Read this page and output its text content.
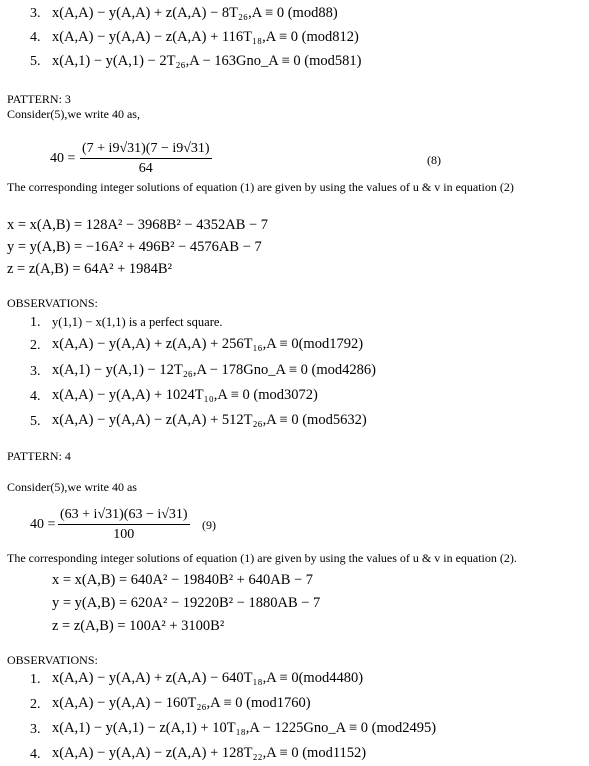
3. x(A,A) − y(A,A) + z(A,A) − 8T₂₆,A ≡ 0 (mod88)
4. x(A,A) − y(A,A) − z(A,A) + 116T₁₈,A ≡ 0 (mod812)
5. x(A,1) − y(A,1) − 2T₂₆,A − 163Gno_A ≡ 0 (mod581)
PATTERN: 3
Consider(5),we write 40 as,
$40 = \frac{(7 + i9√31)(7 - i9√31)}{64}$	(8)
The corresponding integer solutions of equation (1) are given by using the values of u & v in equation (2)
x = x(A,B) = 128A² − 3968B² − 4352AB − 7
y = y(A,B) = −16A² + 496B² − 4576AB − 7
z = z(A,B) = 64A² + 1984B²
OBSERVATIONS:
1. y(1,1) − x(1,1) is a perfect square.
2. x(A,A) − y(A,A) + z(A,A) + 256T₁₆,A ≡ 0(mod1792)
3. x(A,1) − y(A,1) − 12T₂₆,A − 178Gno_A ≡ 0 (mod4286)
4. x(A,A) − y(A,A) + 1024T₁₀,A ≡ 0 (mod3072)
5. x(A,A) − y(A,A) − z(A,A) + 512T₂₆,A ≡ 0 (mod5632)
PATTERN: 4
Consider(5),we write 40 as
$40 = \frac{(63 + i√31)(63 - i√31)}{100} (9)$
The corresponding integer solutions of equation (1) are given by using the values of u & v in equation (2).
x = x(A,B) = 640A² − 19840B² + 640AB − 7
y = y(A,B) = 620A² − 19220B² − 1880AB − 7
z = z(A,B) = 100A² + 3100B²
OBSERVATIONS:
1. x(A,A) − y(A,A) + z(A,A) − 640T₁₈,A ≡ 0(mod4480)
2. x(A,A) − y(A,A) − 160T₂₆,A ≡ 0 (mod1760)
3. x(A,1) − y(A,1) − z(A,1) + 10T₁₈,A − 1225Gno_A ≡ 0 (mod2495)
4. x(A,A) − y(A,A) − z(A,A) + 128T₂₂,A ≡ 0 (mod1152)
